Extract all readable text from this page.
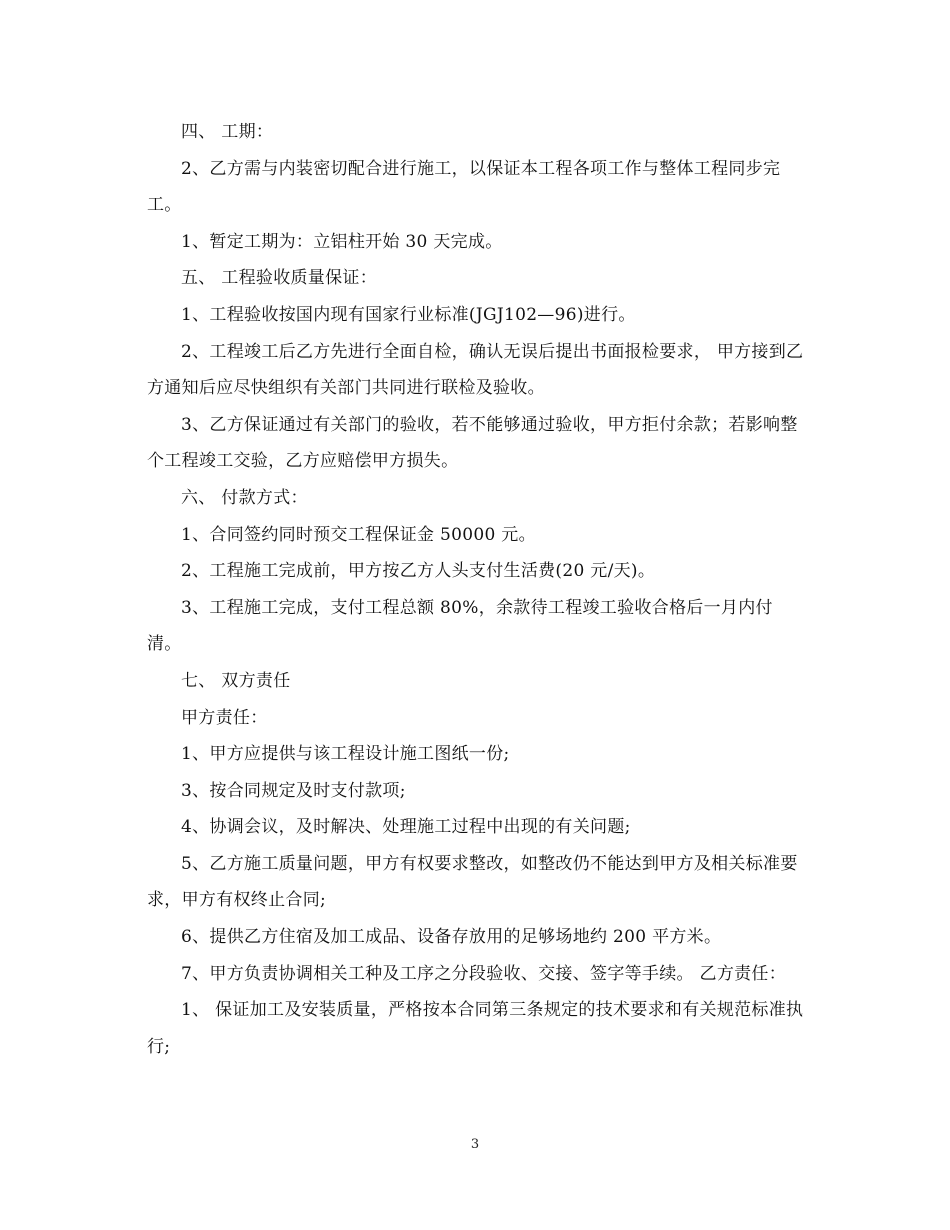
四、 工期：

2、乙方需与内装密切配合进行施工，以保证本工程各项工作与整体工程同步完工。

1、暂定工期为：立铝柱开始 30 天完成。

五、 工程验收质量保证：

1、工程验收按国内现有国家行业标准(JGJ102—96)进行。

2、工程竣工后乙方先进行全面自检，确认无误后提出书面报检要求， 甲方接到乙方通知后应尽快组织有关部门共同进行联检及验收。

3、乙方保证通过有关部门的验收，若不能够通过验收，甲方拒付余款；若影响整个工程竣工交验，乙方应赔偿甲方损失。

六、 付款方式：

1、合同签约同时预交工程保证金 50000 元。

2、工程施工完成前，甲方按乙方人头支付生活费(20 元/天)。

3、工程施工完成，支付工程总额 80%，余款待工程竣工验收合格后一月内付清。

七、 双方责任

甲方责任：

1、甲方应提供与该工程设计施工图纸一份;

3、按合同规定及时支付款项;

4、协调会议，及时解决、处理施工过程中出现的有关问题;

5、乙方施工质量问题，甲方有权要求整改，如整改仍不能达到甲方及相关标准要求，甲方有权终止合同;

6、提供乙方住宿及加工成品、设备存放用的足够场地约 200 平方米。

7、甲方负责协调相关工种及工序之分段验收、交接、签字等手续。 乙方责任：

1、 保证加工及安装质量，严格按本合同第三条规定的技术要求和有关规范标准执行;

3
